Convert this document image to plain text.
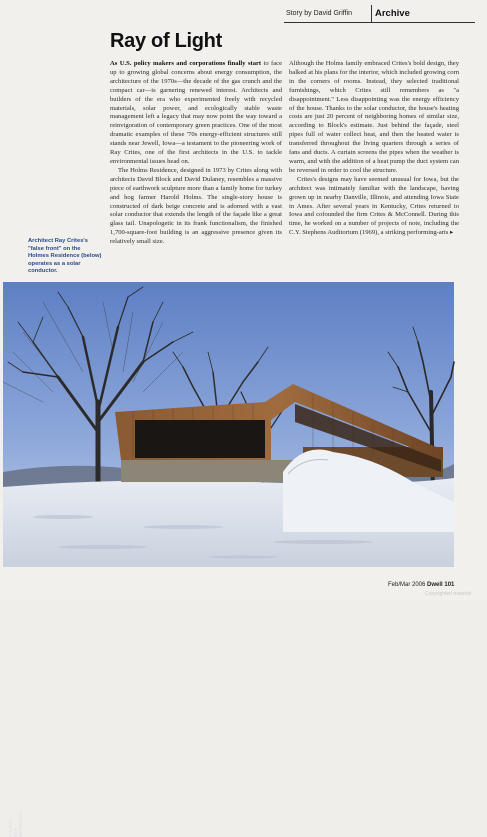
Story by David Griffin Archive
Ray of Light

As U.S. policy makers and corporations finally start to face up to growing global concerns about energy consumption, the architecture of the 1970s—the decade of the gas crunch and the compact car—is garnering renewed interest. Architects and builders of the era who experimented freely with recycled materials, solar power, and ecologically stable waste management left a legacy that may now point the way toward a reinvigoration of contemporary green practices. One of the most dramatic examples of these '70s energy-efficient structures still stands near Jewell, Iowa—a testament to the pioneering work of Ray Crites, one of the first architects in the U.S. to tackle environmental issues head on.

The Holms Residence, designed in 1973 by Crites along with architects David Block and David Dulaney, resembles a massive piece of earthwork sculpture more than a family home for turkey and hog farmer Harold Holms. The single-story house is constructed of dark beige concrete and is adorned with a vast solar conductor that extends the length of the façade like a great glass tail. Unapologetic in its frank functionalism, the finished 1,700-square-foot building is an aggressive presence given its relatively small size.

Although the Holms family embraced Crites's bold design, they balked at his plans for the interior, which included growing corn in the corners of rooms. Instead, they selected traditional furnishings, which Crites still remembers as "a disappointment." Less disappointing was the energy efficiency of the house. Thanks to the solar conductor, the house's heating costs are just 20 percent of neighboring homes of similar size, according to Block's estimate. Just behind the façade, steel pipes full of water collect heat, and then the heated water is transferred throughout the living quarters through a series of fans and ducts. A curtain screens the pipes when the weather is warm, and with the addition of a heat pump the duct system can be reversed in order to cool the structure.

Crites's designs may have seemed unusual for Iowa, but the architect was intimately familiar with the landscape, having grown up in nearby Danville, Illinois, and attending Iowa State in Ames. After several years in Kentucky, Crites returned to Iowa and cofounded the firm Crites & McConnell. During this time, he worked on a number of projects of note, including the C.Y. Stephens Auditorium (1969), a striking performing-arts ▸

Architect Ray Crites's "false front" on the Holmes Residence (below) operates as a solar conductor.
PHOTO: KEN KIRKWOOD
Feb/Mar 2006 Dwell 101
Copyrighted material
